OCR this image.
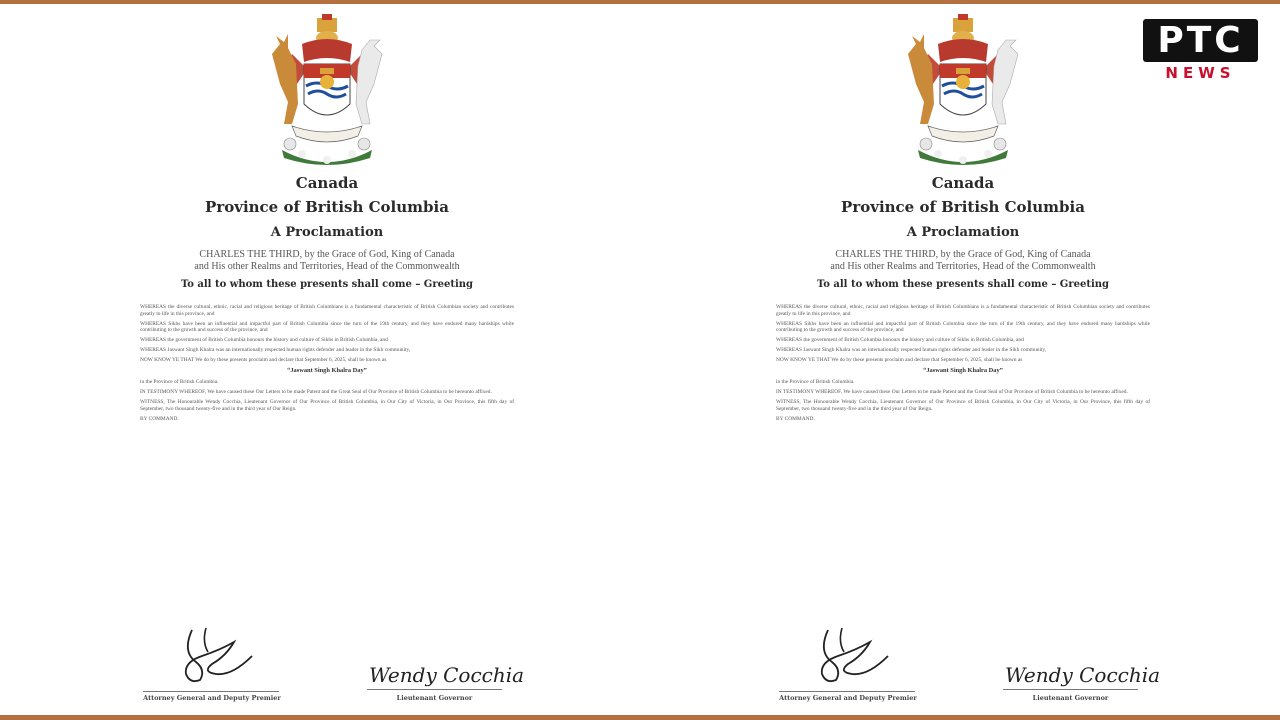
Canada
Province of British Columbia
A Proclamation
CHARLES THE THIRD, by the Grace of God, King of Canada
and His other Realms and Territories, Head of the Commonwealth
To all to whom these presents shall come – Greeting

WHEREAS the diverse cultural, ethnic, racial and religious heritage of British Columbians is a fundamental characteristic of British Columbian society and contributes greatly to life in this province, and

WHEREAS Sikhs have been an influential and impactful part of British Columbia since the turn of the 19th century, and they have endured many hardships while contributing to the growth and success of the province, and

WHEREAS the government of British Columbia honours the history and culture of Sikhs in British Columbia, and

WHEREAS Jaswant Singh Khalra was an internationally respected human rights defender and leader in the Sikh community,

NOW KNOW YE THAT We do by these presents proclaim and declare that September 6, 2025, shall be known as

“Jaswant Singh Khalra Day”

in the Province of British Columbia.

IN TESTIMONY WHEREOF, We have caused these Our Letters to be made Patent and the Great Seal of Our Province of British Columbia to be hereunto affixed.

WITNESS, The Honourable Wendy Cocchia, Lieutenant Governor of Our Province of British Columbia, in Our City of Victoria, in Our Province, this fifth day of September, two thousand twenty-five and in the third year of Our Reign.

BY COMMAND.

Attorney General and Deputy Premier
Wendy Cocchia
Lieutenant Governor
Canada
Province of British Columbia
A Proclamation
CHARLES THE THIRD, by the Grace of God, King of Canada
and His other Realms and Territories, Head of the Commonwealth
To all to whom these presents shall come – Greeting

WHEREAS the diverse cultural, ethnic, racial and religious heritage of British Columbians is a fundamental characteristic of British Columbian society and contributes greatly to life in this province, and

WHEREAS Sikhs have been an influential and impactful part of British Columbia since the turn of the 19th century, and they have endured many hardships while contributing to the growth and success of the province, and

WHEREAS the government of British Columbia honours the history and culture of Sikhs in British Columbia, and

WHEREAS Jaswant Singh Khalra was an internationally respected human rights defender and leader in the Sikh community,

NOW KNOW YE THAT We do by these presents proclaim and declare that September 6, 2025, shall be known as

“Jaswant Singh Khalra Day”

in the Province of British Columbia.

IN TESTIMONY WHEREOF, We have caused these Our Letters to be made Patent and the Great Seal of Our Province of British Columbia to be hereunto affixed.

WITNESS, The Honourable Wendy Cocchia, Lieutenant Governor of Our Province of British Columbia, in Our City of Victoria, in Our Province, this fifth day of September, two thousand twenty-five and in the third year of Our Reign.

BY COMMAND.

Attorney General and Deputy Premier
Wendy Cocchia
Lieutenant Governor
PTC
NEWS
